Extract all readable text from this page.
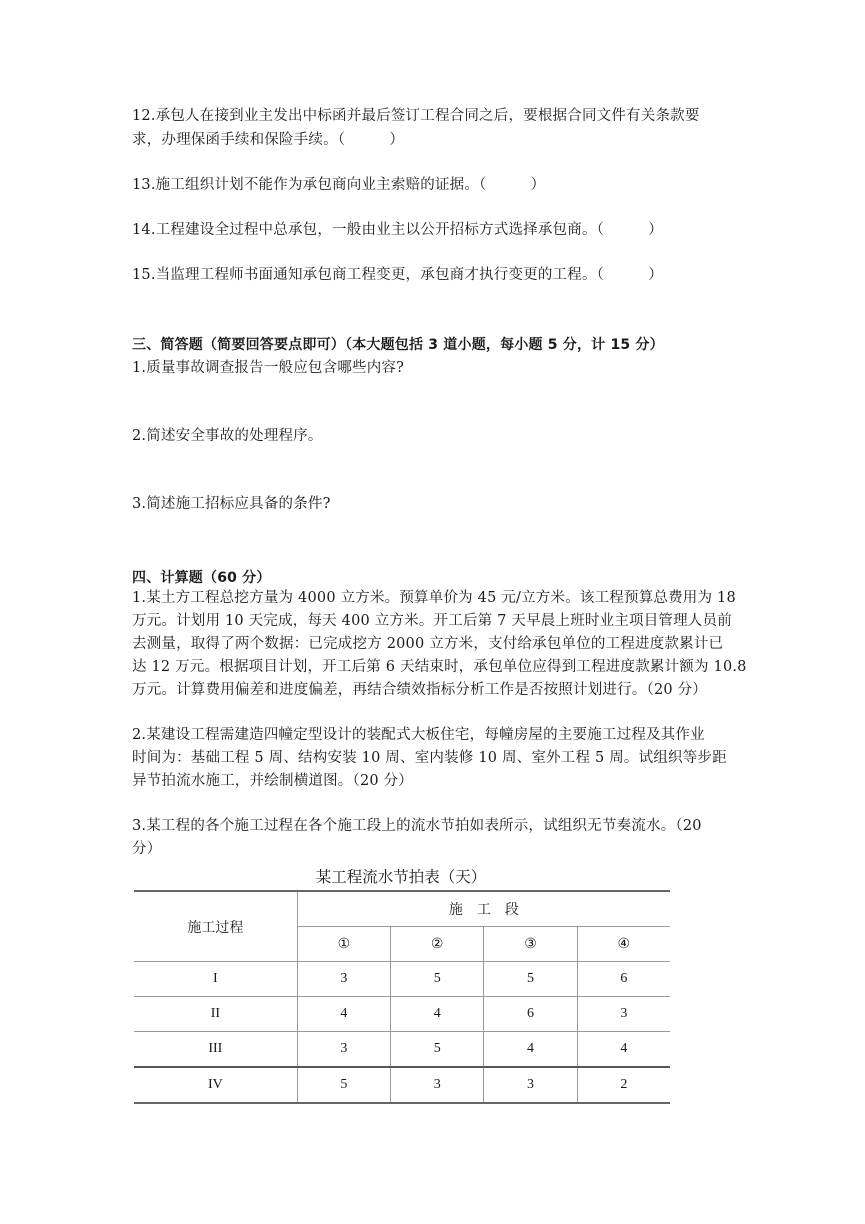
12.承包人在接到业主发出中标函并最后签订工程合同之后，要根据合同文件有关条款要
求，办理保函手续和保险手续。（　　　）
13.施工组织计划不能作为承包商向业主索赔的证据。（　　　）
14.工程建设全过程中总承包，一般由业主以公开招标方式选择承包商。（　　　）
15.当监理工程师书面通知承包商工程变更，承包商才执行变更的工程。（　　　）
三、简答题（简要回答要点即可）（本大题包括 3 道小题，每小题 5 分，计 15 分）
1.质量事故调查报告一般应包含哪些内容?
2.简述安全事故的处理程序。
3.简述施工招标应具备的条件?
四、计算题（60 分）
1.某土方工程总挖方量为 4000 立方米。预算单价为 45 元/立方米。该工程预算总费用为 18
万元。计划用 10 天完成，每天 400 立方米。开工后第 7 天早晨上班时业主项目管理人员前
去测量，取得了两个数据：已完成挖方 2000 立方米，支付给承包单位的工程进度款累计已
达 12 万元。根据项目计划，开工后第 6 天结束时，承包单位应得到工程进度款累计额为 10.8
万元。计算费用偏差和进度偏差，再结合绩效指标分析工作是否按照计划进行。（20 分）
2.某建设工程需建造四幢定型设计的装配式大板住宅，每幢房屋的主要施工过程及其作业
时间为：基础工程 5 周、结构安装 10 周、室内装修 10 周、室外工程 5 周。试组织等步距
异节拍流水施工，并绘制横道图。（20 分）
3.某工程的各个施工过程在各个施工段上的流水节拍如表所示，试组织无节奏流水。（20
分）
某工程流水节拍表（天）
施工过程	施　工　段			
	①	②	③	④
I	3	5	5	6
II	4	4	6	3
III	3	5	4	4
IV	5	3	3	2
